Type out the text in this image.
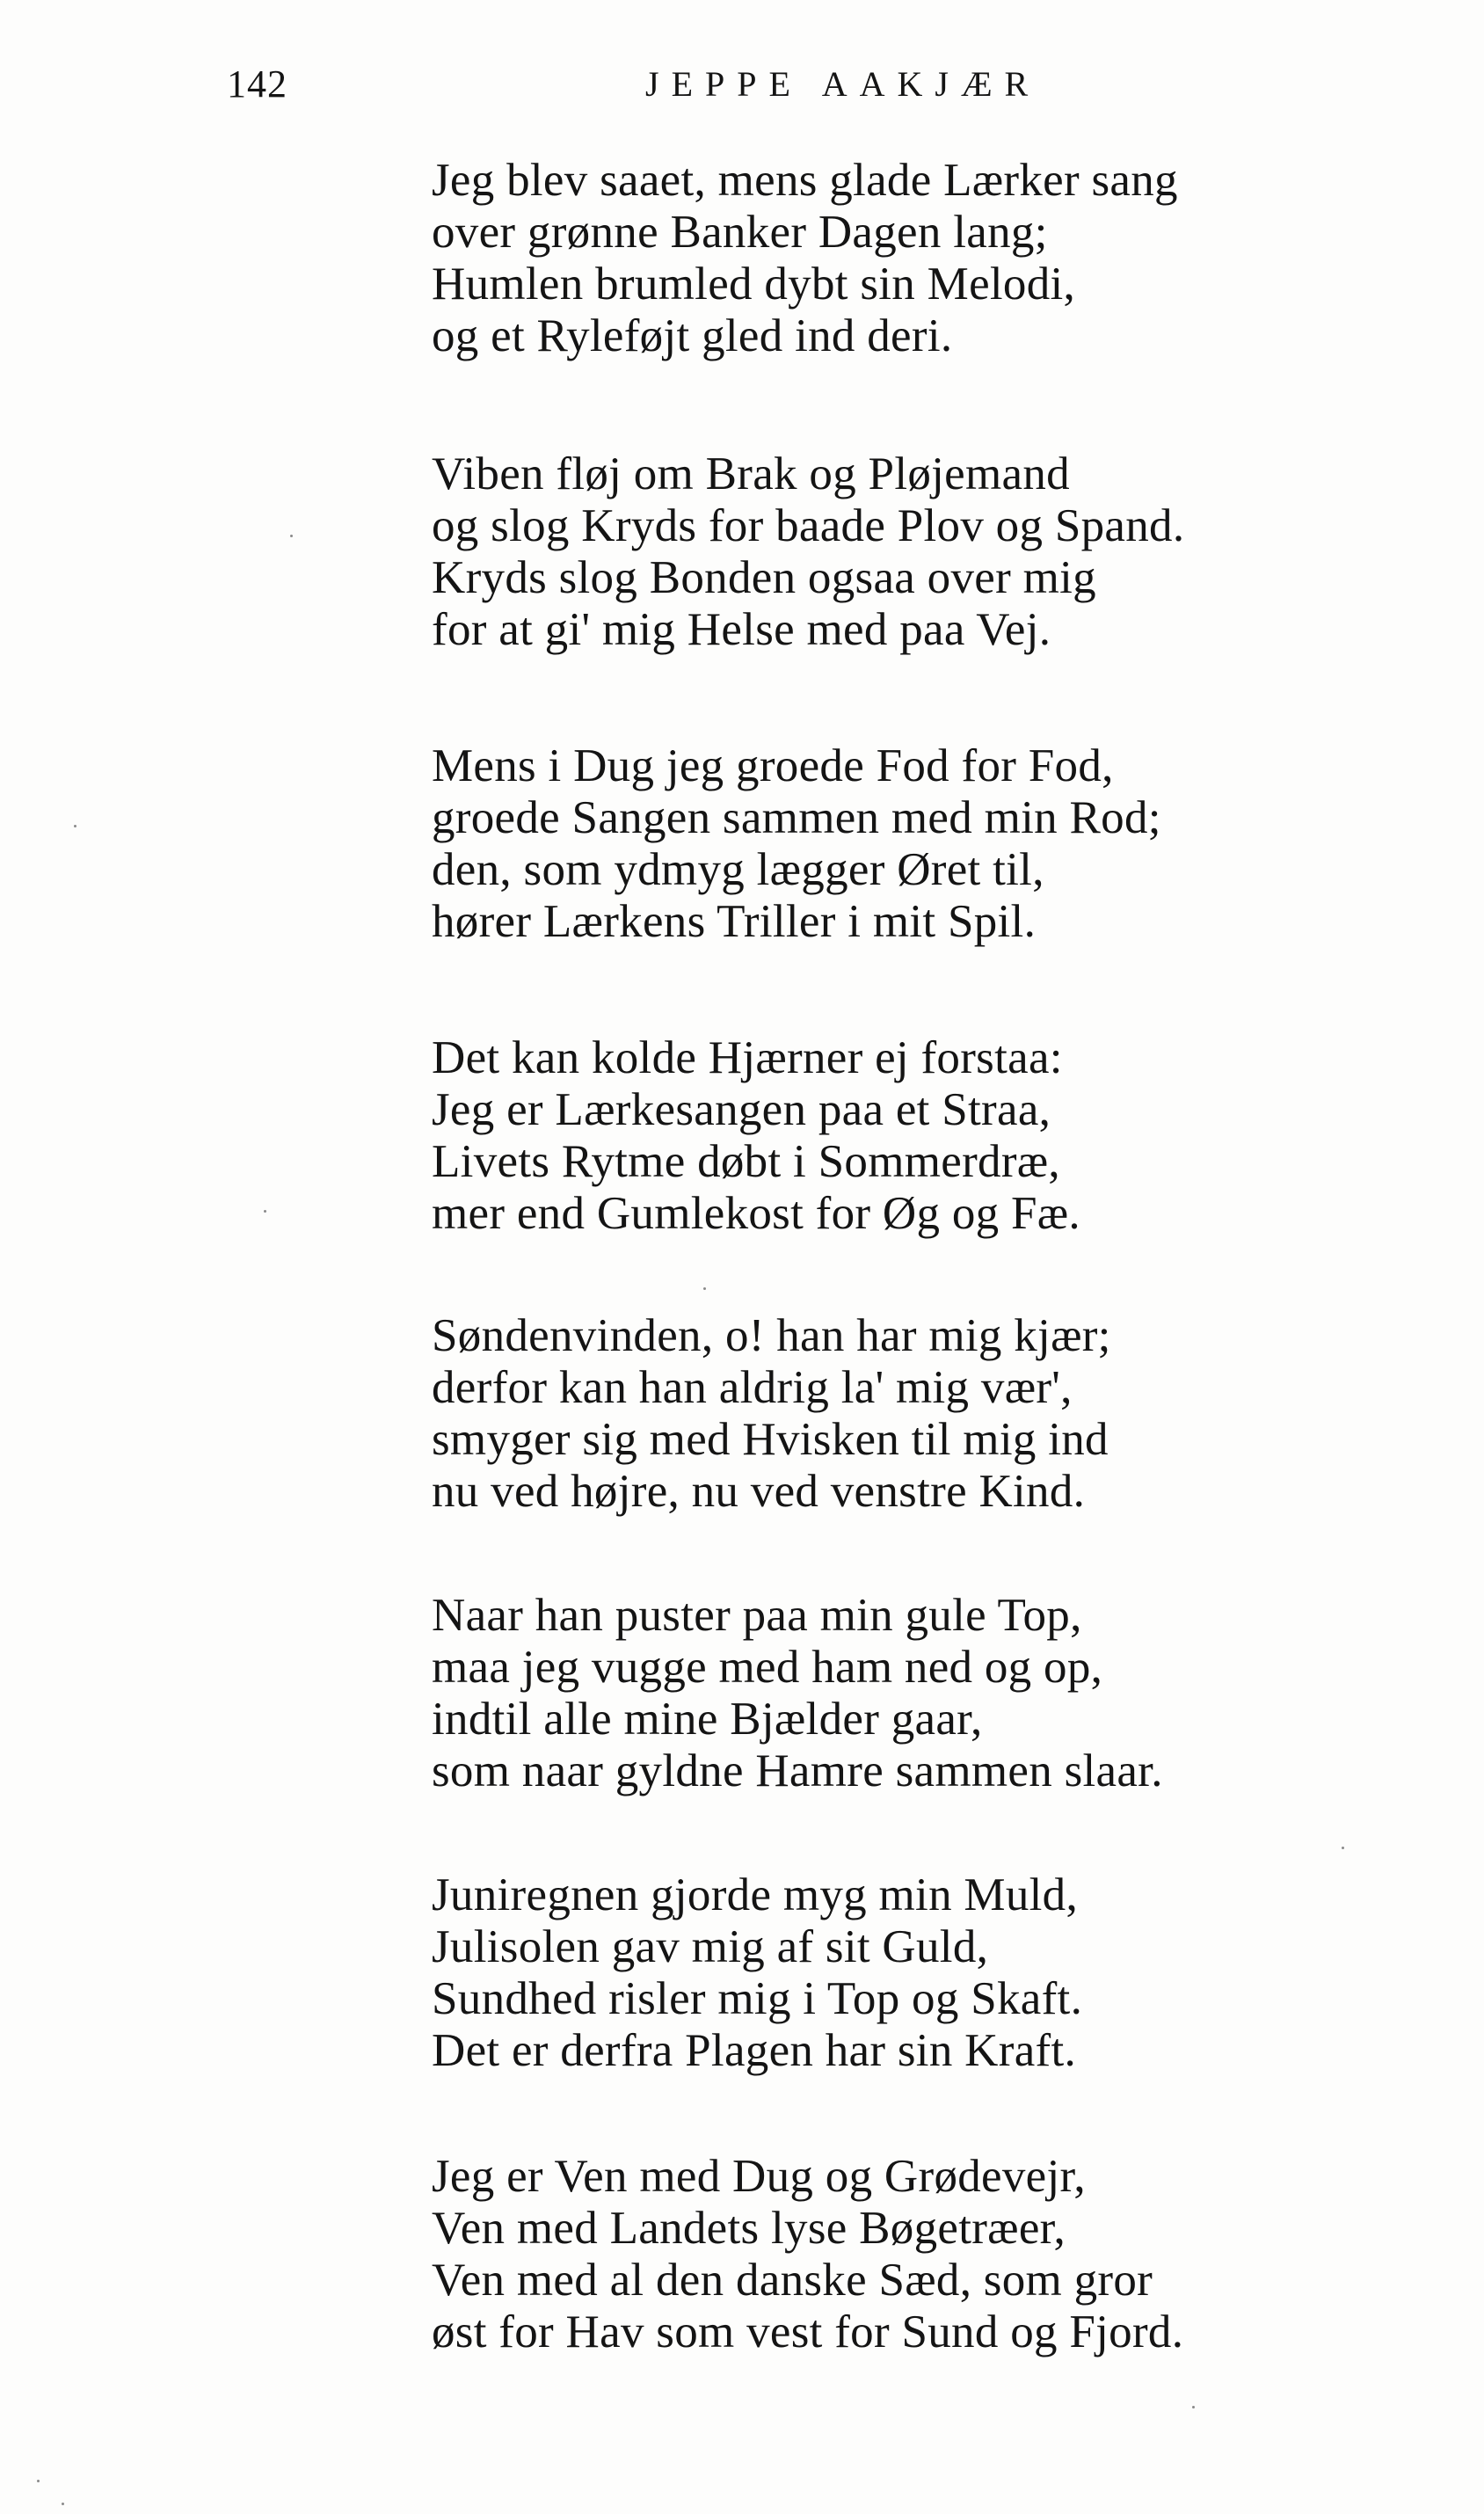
142	JEPPE AAKJÆR
Jeg blev saaet, mens glade Lærker sang
over grønne Banker Dagen lang;
Humlen brumled dybt sin Melodi,
og et Ryleføjt gled ind deri.
Viben fløj om Brak og Pløjemand
og slog Kryds for baade Plov og Spand.
Kryds slog Bonden ogsaa over mig
for at gi' mig Helse med paa Vej.
Mens i Dug jeg groede Fod for Fod,
groede Sangen sammen med min Rod;
den, som ydmyg lægger Øret til,
hører Lærkens Triller i mit Spil.
Det kan kolde Hjærner ej forstaa:
Jeg er Lærkesangen paa et Straa,
Livets Rytme døbt i Sommerdræ,
mer end Gumlekost for Øg og Fæ.
Søndenvinden, o! han har mig kjær;
derfor kan han aldrig la' mig vær',
smyger sig med Hvisken til mig ind
nu ved højre, nu ved venstre Kind.
Naar han puster paa min gule Top,
maa jeg vugge med ham ned og op,
indtil alle mine Bjælder gaar,
som naar gyldne Hamre sammen slaar.
Juniregnen gjorde myg min Muld,
Julisolen gav mig af sit Guld,
Sundhed risler mig i Top og Skaft.
Det er derfra Plagen har sin Kraft.
Jeg er Ven med Dug og Grødevejr,
Ven med Landets lyse Bøgetræer,
Ven med al den danske Sæd, som gror
øst for Hav som vest for Sund og Fjord.
